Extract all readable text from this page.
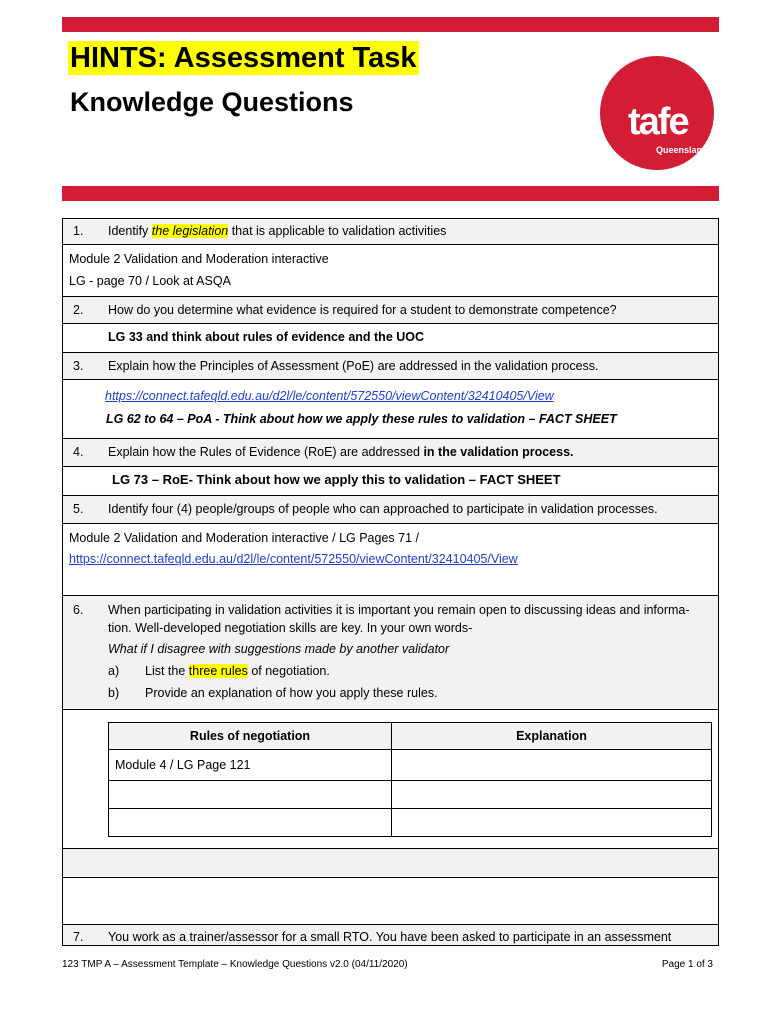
HINTS: Assessment Task
Knowledge Questions	tafe
Queensland
1. Identify the legislation that is applicable to validation activities
Module 2 Validation and Moderation interactive
LG - page 70 / Look at ASQA
2. How do you determine what evidence is required for a student to demonstrate competence?
LG 33 and think about rules of evidence and the UOC
3. Explain how the Principles of Assessment (PoE) are addressed in the validation process.
https://connect.tafeqld.edu.au/d2l/le/content/572550/viewContent/32410405/View
LG 62 to 64 – PoA - Think about how we apply these rules to validation – FACT SHEET
4. Explain how the Rules of Evidence (RoE) are addressed in the validation process.
LG 73 – RoE- Think about how we apply this to validation – FACT SHEET
5. Identify four (4) people/groups of people who can approached to participate in validation processes.
Module 2 Validation and Moderation interactive / LG Pages 71 /
https://connect.tafeqld.edu.au/d2l/le/content/572550/viewContent/32410405/View
6. When participating in validation activities it is important you remain open to discussing ideas and informa-
tion. Well-developed negotiation skills are key. In your own words-
What if I disagree with suggestions made by another validator
a)	List the three rules of negotiation.
b)	Provide an explanation of how you apply these rules.
Rules of negotiation	Explanation
Module 4 / LG Page 121	

7. You work as a trainer/assessor for a small RTO. You have been asked to participate in an assessment
123 TMP A – Assessment Template – Knowledge Questions v2.0 (04/11/2020)	Page 1 of 3
